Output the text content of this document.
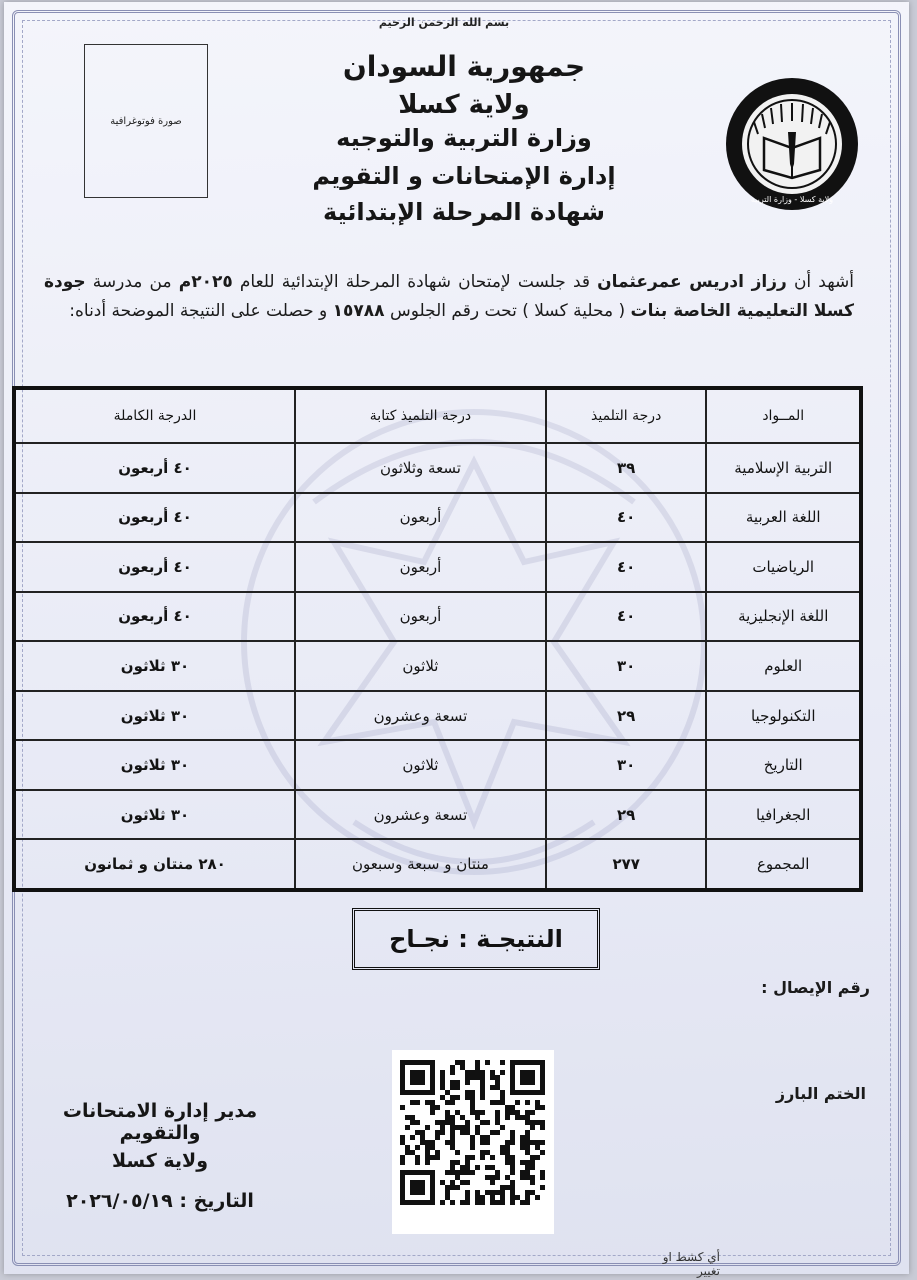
بسم الله الرحمن الرحيم
جمهورية السودان
ولاية كسلا
وزارة التربية والتوجيه
إدارة الإمتحانات و التقويم
شهادة المرحلة الإبتدائية
صورة فوتوغرافية
ولاية كسلا - وزارة التربية
أشهد أن رزاز ادريس عمرعثمان قد جلست لإمتحان شهادة المرحلة الإبتدائية للعام ٢٠٢٥م من مدرسة جودة كسلا التعليمية الخاصة بنات ( محلية كسلا ) تحت رقم الجلوس ١٥٧٨٨ و حصلت على النتيجة الموضحة أدناه:
المــواد	درجة التلميذ	درجة التلميذ كتابة	الدرجة الكاملة
التربية الإسلامية	٣٩	تسعة وثلاثون	٤٠ أربعون
اللغة العربية	٤٠	أربعون	٤٠ أربعون
الرياضيات	٤٠	أربعون	٤٠ أربعون
اللغة الإنجليزية	٤٠	أربعون	٤٠ أربعون
العلوم	٣٠	ثلاثون	٣٠ ثلاثون
التكنولوجيا	٢٩	تسعة وعشرون	٣٠ ثلاثون
التاريخ	٣٠	ثلاثون	٣٠ ثلاثون
الجغرافيا	٢٩	تسعة وعشرون	٣٠ ثلاثون
المجموع	٢٧٧	منتان و سبعة وسبعون	٢٨٠ منتان و ثمانون
النتيجـة : نجـاح
رقم الإيصال :
الختم البارز
مدير إدارة الامتحانات والتقويم
ولاية كسلا
التاريخ : ٢٠٢٦/٠٥/١٩
أي كشط او تغيير
